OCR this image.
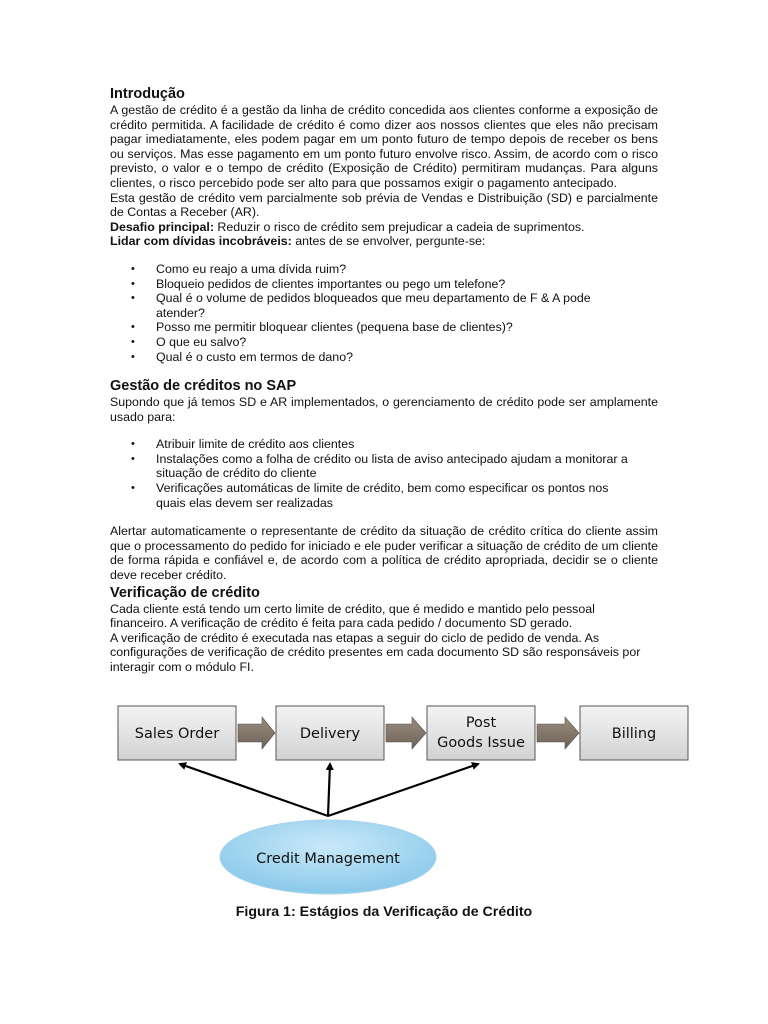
Introdução

A gestão de crédito é a gestão da linha de crédito concedida aos clientes conforme a exposição de crédito permitida. A facilidade de crédito é como dizer aos nossos clientes que eles não precisam pagar imediatamente, eles podem pagar em um ponto futuro de tempo depois de receber os bens ou serviços. Mas esse pagamento em um ponto futuro envolve risco. Assim, de acordo com o risco previsto, o valor e o tempo de crédito (Exposição de Crédito) permitiram mudanças. Para alguns clientes, o risco percebido pode ser alto para que possamos exigir o pagamento antecipado.

Esta gestão de crédito vem parcialmente sob prévia de Vendas e Distribuição (SD) e parcialmente de Contas a Receber (AR).

Desafio principal: Reduzir o risco de crédito sem prejudicar a cadeia de suprimentos.

Lidar com dívidas incobráveis: antes de se envolver, pergunte-se:

• Como eu reajo a uma dívida ruim?
• Bloqueio pedidos de clientes importantes ou pego um telefone?
• Qual é o volume de pedidos bloqueados que meu departamento de F & A pode atender?
• Posso me permitir bloquear clientes (pequena base de clientes)?
• O que eu salvo?
• Qual é o custo em termos de dano?
Gestão de créditos no SAP

Supondo que já temos SD e AR implementados, o gerenciamento de crédito pode ser amplamente usado para:

• Atribuir limite de crédito aos clientes
• Instalações como a folha de crédito ou lista de aviso antecipado ajudam a monitorar a situação de crédito do cliente
• Verificações automáticas de limite de crédito, bem como especificar os pontos nos quais elas devem ser realizadas

Alertar automaticamente o representante de crédito da situação de crédito crítica do cliente assim que o processamento do pedido for iniciado e ele puder verificar a situação de crédito de um cliente de forma rápida e confiável e, de acordo com a política de crédito apropriada, decidir se o cliente deve receber crédito.

Verificação de crédito

Cada cliente está tendo um certo limite de crédito, que é medido e mantido pelo pessoal financeiro. A verificação de crédito é feita para cada pedido / documento SD gerado.

A verificação de crédito é executada nas etapas a seguir do ciclo de pedido de venda. As configurações de verificação de crédito presentes em cada documento SD são responsáveis por interagir com o módulo FI.

Sales Order	Delivery
Post
Goods Issue
Billing
Credit Management
Figura 1: Estágios da Verificação de Crédito
